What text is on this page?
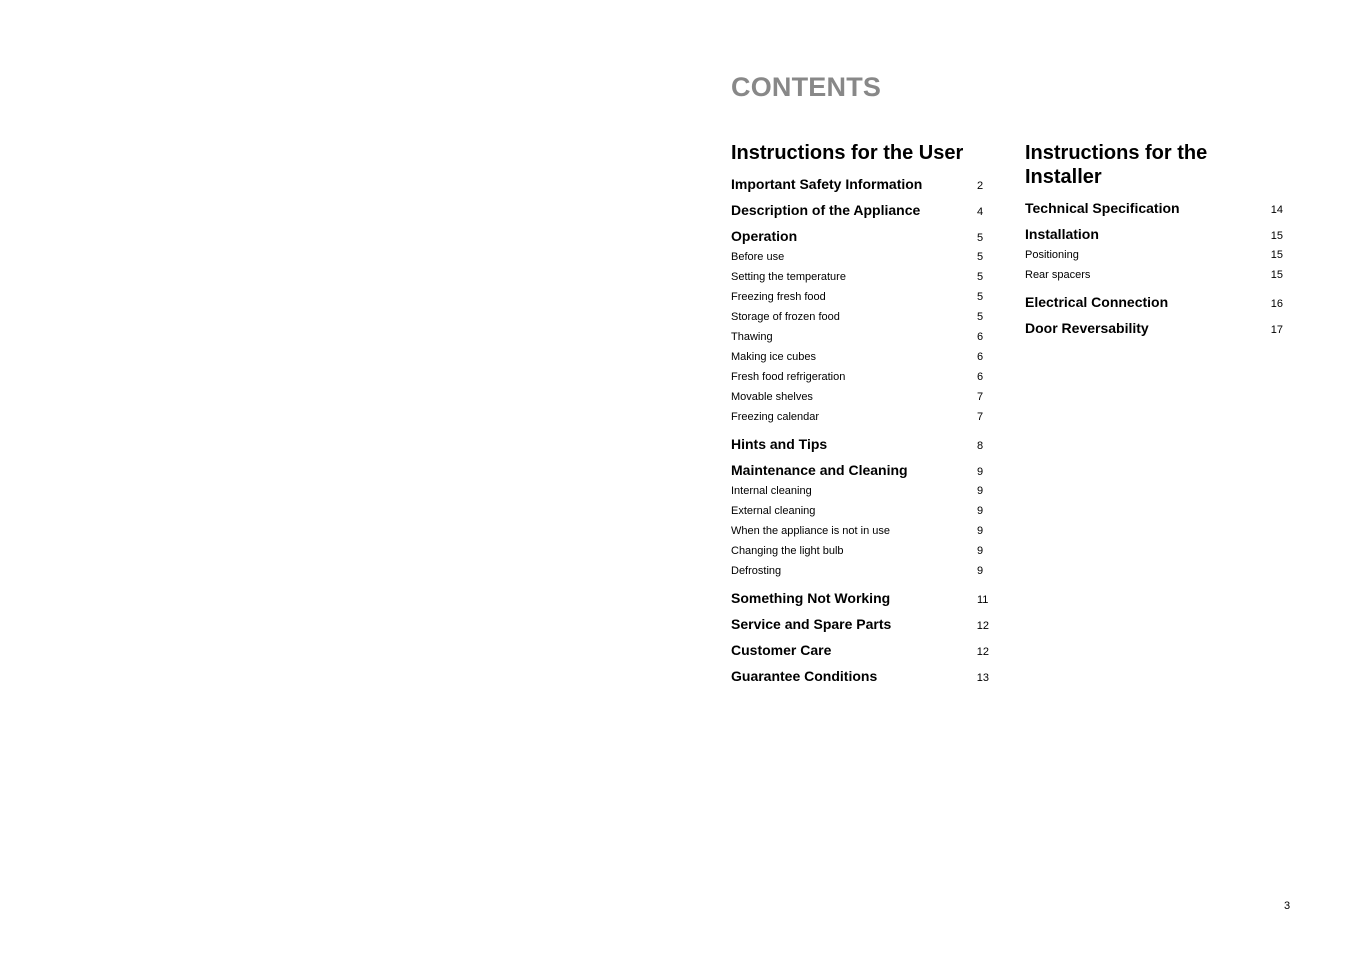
CONTENTS
Instructions for the User
Important Safety Information	2
Description of the Appliance	4
Operation	5
Before use	5
Setting the temperature	5
Freezing fresh food	5
Storage of frozen food	5
Thawing	6
Making ice cubes	6
Fresh food refrigeration	6
Movable shelves	7
Freezing calendar	7
Hints and Tips	8
Maintenance and Cleaning	9
Internal cleaning	9
External cleaning	9
When the appliance is not in use	9
Changing the light bulb	9
Defrosting	9
Something Not Working	11
Service and Spare Parts	12
Customer Care	12
Guarantee Conditions	13
Instructions for the Installer
Technical Specification	14
Installation	15
Positioning	15
Rear spacers	15
Electrical Connection	16
Door Reversability	17
3
